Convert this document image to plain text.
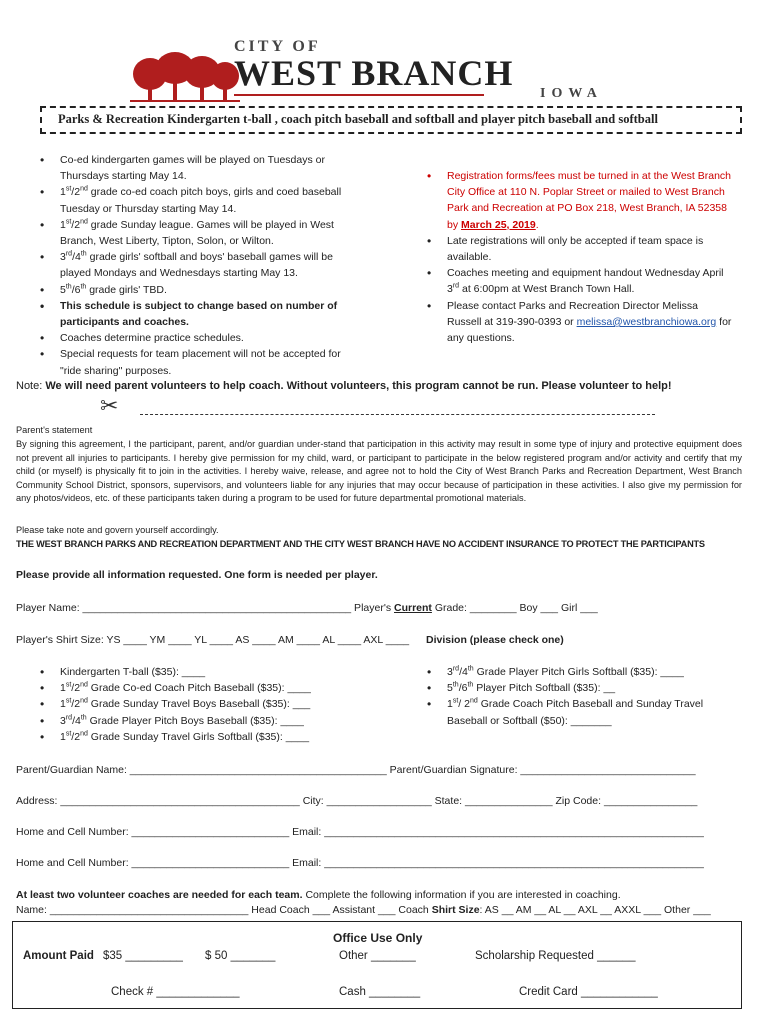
CITY OF
WEST BRANCH
IOWA
Parks & Recreation Kindergarten t-ball , coach pitch baseball and softball and player pitch baseball and softball
• Co-ed kindergarten games will be played on Tuesdays or Thursdays starting May 14.
• 1st/2nd grade co-ed coach pitch boys, girls and coed baseball Tuesday or Thursday starting May 14.
• 1st/2nd grade Sunday league. Games will be played in West Branch, West Liberty, Tipton, Solon, or Wilton.
• 3rd/4th grade girls' softball and boys' baseball games will be played Mondays and Wednesdays starting May 13.
• 5th/6th grade girls' TBD.
• This schedule is subject to change based on number of participants and coaches.
• Coaches determine practice schedules.
• Special requests for team placement will not be accepted for "ride sharing" purposes.
• Registration forms/fees must be turned in at the West Branch City Office at 110 N. Poplar Street or mailed to West Branch Park and Recreation at PO Box 218, West Branch, IA 52358 by March 25, 2019.
• Late registrations will only be accepted if team space is available.
• Coaches meeting and equipment handout Wednesday April 3rd at 6:00pm at West Branch Town Hall.
• Please contact Parks and Recreation Director Melissa Russell at 319-390-0393 or melissa@westbranchiowa.org for any questions.
Note: We will need parent volunteers to help coach. Without volunteers, this program cannot be run. Please volunteer to help!
✂
Parent's statement
By signing this agreement, I the participant, parent, and/or guardian under-stand that participation in this activity may result in some type of injury and protective equipment does not prevent all injuries to participants. I hereby give permission for my child, ward, or participant to participate in the below registered program and/or activity and certify that my child (or myself) is physically fit to join in the activities. I hereby waive, release, and agree not to hold the City of West Branch Parks and Recreation Department, West Branch Community School District, sponsors, supervisors, and volunteers liable for any injuries that may occur because of participation in these activities. I also give my permission for any photos/videos, etc. of these participants taken during a program to be used for future departmental promotional materials.
Please take note and govern yourself accordingly.
THE WEST BRANCH PARKS AND RECREATION DEPARTMENT AND THE CITY WEST BRANCH HAVE NO ACCIDENT INSURANCE TO PROTECT THE PARTICIPANTS
Please provide all information requested. One form is needed per player.
Player Name: ______________________________________________ Player's Current Grade: ________ Boy ___ Girl ___
Player's Shirt Size: YS ____ YM ____ YL ____ AS ____ AM ____ AL ____ AXL ____ Division (please check one)
• Kindergarten T-ball ($35): ____
• 1st/2nd Grade Co-ed Coach Pitch Baseball ($35): ____
• 1st/2nd Grade Sunday Travel Boys Baseball ($35): ___
• 3rd/4th Grade Player Pitch Boys Baseball ($35): ____
• 1st/2nd Grade Sunday Travel Girls Softball ($35): ____
• 3rd/4th Grade Player Pitch Girls Softball ($35): ____
• 5th/6th Player Pitch Softball ($35): __
• 1st/ 2nd Grade Coach Pitch Baseball and Sunday Travel Baseball or Softball ($50): _______
Parent/Guardian Name: ____________________________________________ Parent/Guardian Signature: ______________________________
Address: _________________________________________ City: __________________ State: _______________ Zip Code: ________________
Home and Cell Number: ___________________________ Email: _________________________________________________________________
Home and Cell Number: ___________________________ Email: _________________________________________________________________
At least two volunteer coaches are needed for each team. Complete the following information if you are interested in coaching.
Name: __________________________________ Head Coach ___ Assistant ___ Coach Shirt Size: AS __ AM __ AL __ AXL __ AXXL ___ Other ___
Office Use Only
Amount Paid $35 _________ $ 50 _______	Other _______	Scholarship Requested ______
Check # _____________	Cash ________	Credit Card ____________
